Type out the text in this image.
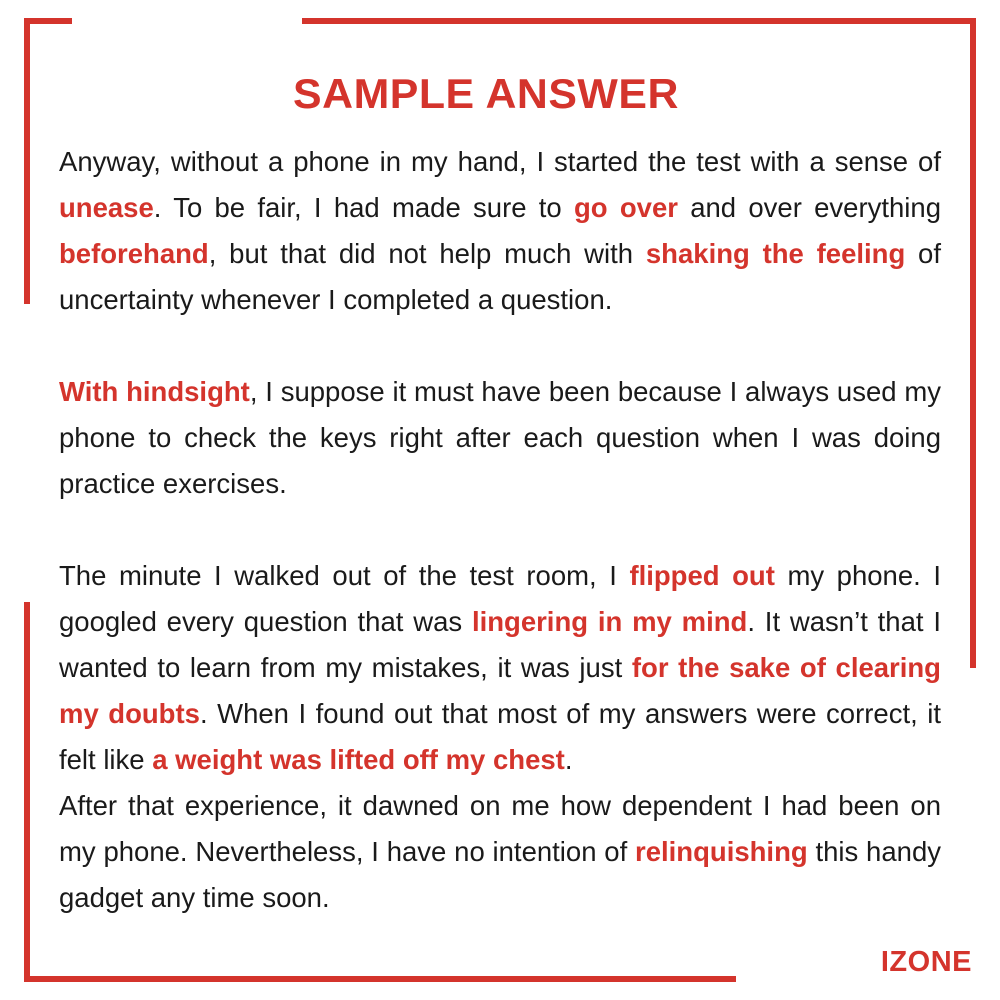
SAMPLE ANSWER

Anyway, without a phone in my hand, I started the test with a sense of unease. To be fair, I had made sure to go over and over everything beforehand, but that did not help much with shaking the feeling of uncertainty whenever I completed a question.

With hindsight, I suppose it must have been because I always used my phone to check the keys right after each question when I was doing practice exercises.

The minute I walked out of the test room, I flipped out my phone. I googled every question that was lingering in my mind. It wasn’t that I wanted to learn from my mistakes, it was just for the sake of clearing my doubts. When I found out that most of my answers were correct, it felt like a weight was lifted off my chest.

After that experience, it dawned on me how dependent I had been on my phone. Nevertheless, I have no intention of relinquishing this handy gadget any time soon.

IZONE
